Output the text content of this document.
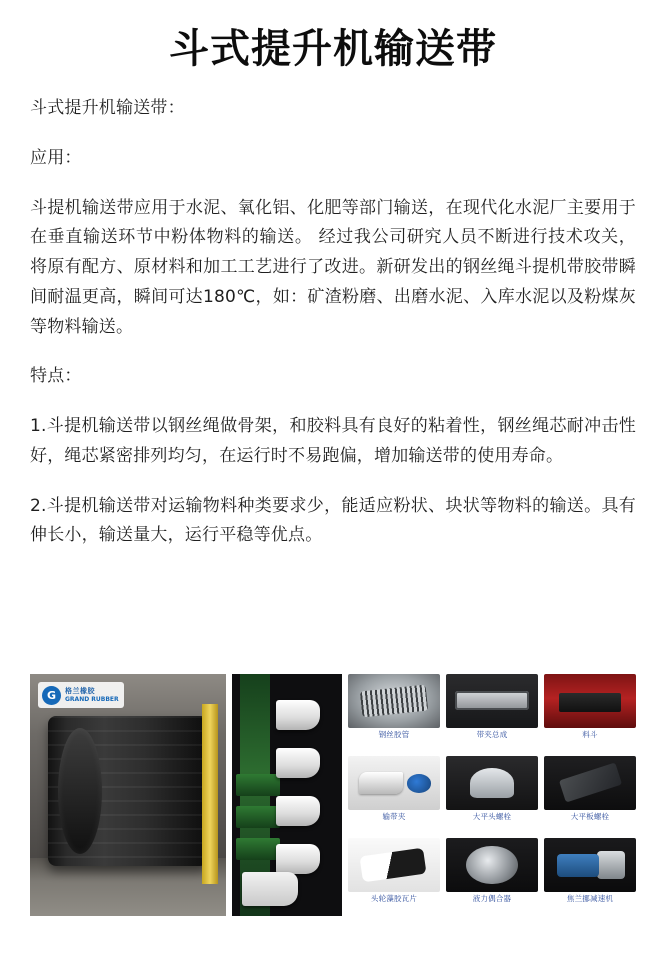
斗式提升机输送带

斗式提升机输送带：

应用：

斗提机输送带应用于水泥、氧化铝、化肥等部门输送，在现代化水泥厂主要用于在垂直输送环节中粉体物料的输送。 经过我公司研究人员不断进行技术攻关，将原有配方、原材料和加工工艺进行了改进。新研发出的钢丝绳斗提机带胶带瞬间耐温更高，瞬间可达180℃，如：矿渣粉磨、出磨水泥、入库水泥以及粉煤灰等物料输送。

特点：

1.斗提机输送带以钢丝绳做骨架，和胶料具有良好的粘着性，钢丝绳芯耐冲击性好，绳芯紧密排列均匀，在运行时不易跑偏，增加输送带的使用寿命。

2.斗提机输送带对运输物料种类要求少，能适应粉状、块状等物料的输送。具有伸长小，输送量大，运行平稳等优点。

G	格兰橡胶
GRAND RUBBER
钢丝胶管	带夹总成	料斗
输带夹	大平头螺栓	大平板螺栓
头轮藻胶瓦片	液力偶合器	焦兰挪减速机
